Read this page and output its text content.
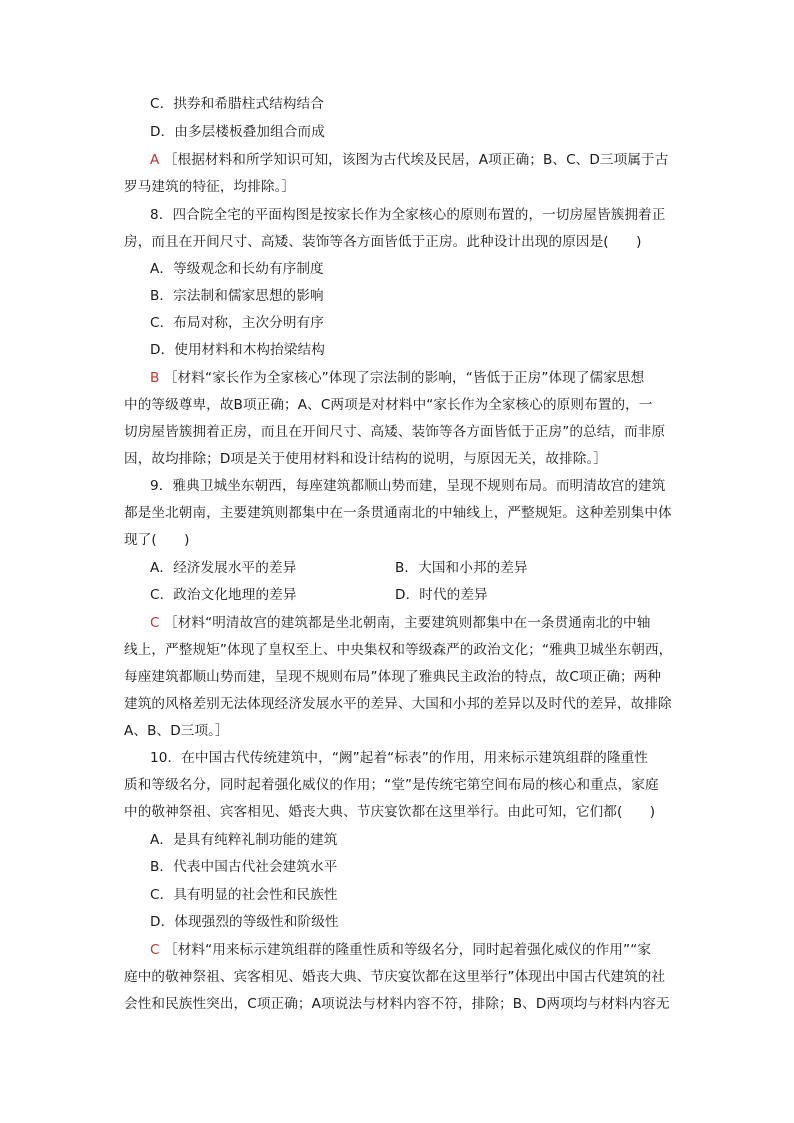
C．拱券和希腊柱式结构结合
D．由多层楼板叠加组合而成
A ［根据材料和所学知识可知，该图为古代埃及民居，A项正确；B、C、D三项属于古
罗马建筑的特征，均排除。］
8．四合院全宅的平面构图是按家长作为全家核心的原则布置的，一切房屋皆簇拥着正
房，而且在开间尺寸、高矮、装饰等各方面皆低于正房。此种设计出现的原因是(　　)
A．等级观念和长幼有序制度
B．宗法制和儒家思想的影响
C．布局对称，主次分明有序
D．使用材料和木构抬梁结构
B ［材料“家长作为全家核心”体现了宗法制的影响，“皆低于正房”体现了儒家思想
中的等级尊卑，故B项正确；A、C两项是对材料中“家长作为全家核心的原则布置的，一
切房屋皆簇拥着正房，而且在开间尺寸、高矮、装饰等各方面皆低于正房”的总结，而非原
因，故均排除；D项是关于使用材料和设计结构的说明，与原因无关，故排除。］
9．雅典卫城坐东朝西，每座建筑都顺山势而建，呈现不规则布局。而明清故宫的建筑
都是坐北朝南，主要建筑则都集中在一条贯通南北的中轴线上，严整规矩。这种差别集中体
现了(　　)
A．经济发展水平的差异	B．大国和小邦的差异
C．政治文化地理的差异	D．时代的差异
C ［材料“明清故宫的建筑都是坐北朝南，主要建筑则都集中在一条贯通南北的中轴
线上，严整规矩”体现了皇权至上、中央集权和等级森严的政治文化；“雅典卫城坐东朝西，
每座建筑都顺山势而建，呈现不规则布局”体现了雅典民主政治的特点，故C项正确；两种
建筑的风格差别无法体现经济发展水平的差异、大国和小邦的差异以及时代的差异，故排除
A、B、D三项。］
10．在中国古代传统建筑中，“阙”起着“标表”的作用，用来标示建筑组群的隆重性
质和等级名分，同时起着强化威仪的作用；“堂”是传统宅第空间布局的核心和重点，家庭
中的敬神祭祖、宾客相见、婚丧大典、节庆宴饮都在这里举行。由此可知，它们都(　　)
A．是具有纯粹礼制功能的建筑
B．代表中国古代社会建筑水平
C．具有明显的社会性和民族性
D．体现强烈的等级性和阶级性
C ［材料“用来标示建筑组群的隆重性质和等级名分，同时起着强化威仪的作用”“家
庭中的敬神祭祖、宾客相见、婚丧大典、节庆宴饮都在这里举行”体现出中国古代建筑的社
会性和民族性突出，C项正确；A项说法与材料内容不符，排除；B、D两项均与材料内容无
